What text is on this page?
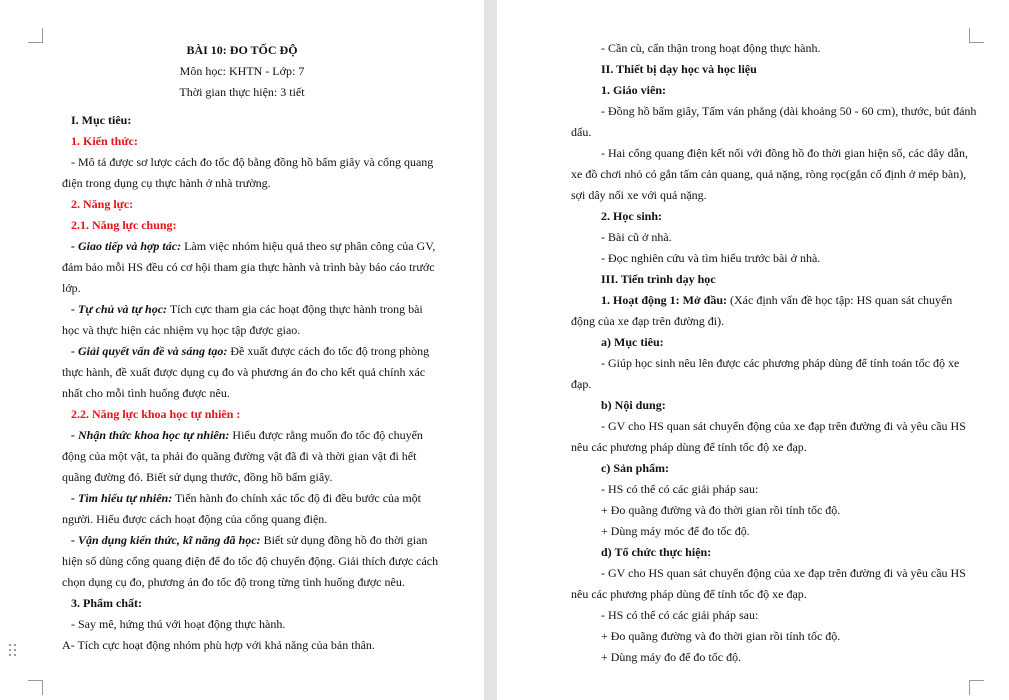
BÀI 10: ĐO TỐC ĐỘ
Môn học: KHTN - Lớp: 7
Thời gian thực hiện: 3 tiết
I. Mục tiêu:
1. Kiến thức:
- Mô tả được sơ lược cách đo tốc độ bằng đồng hồ bấm giây và cổng quang
điện trong dụng cụ thực hành ở nhà trường.
2. Năng lực:
2.1. Năng lực chung:
- Giao tiếp và hợp tác: Làm việc nhóm hiệu quả theo sự phân công của GV,
đảm bảo mỗi HS đều có cơ hội tham gia thực hành và trình bày báo cáo trước
lớp.
- Tự chủ và tự học: Tích cực tham gia các hoạt động thực hành trong bài
học và thực hiện các nhiệm vụ học tập được giao.
- Giải quyết vấn đề và sáng tạo: Đề xuất được cách đo tốc độ trong phòng
thực hành, đề xuất được dụng cụ đo và phương án đo cho kết quả chính xác
nhất cho mỗi tình huống được nêu.
2.2. Năng lực khoa học tự nhiên :
- Nhận thức khoa học tự nhiên: Hiểu được rằng muốn đo tốc độ chuyển
động của một vật, ta phải đo quãng đường vật đã đi và thời gian vật đi hết
quãng đường đó. Biết sử dụng thước, đồng hồ bấm giây.
- Tìm hiểu tự nhiên: Tiến hành đo chính xác tốc độ đi đều bước của một
người. Hiểu được cách hoạt động của cổng quang điện.
- Vận dụng kiến thức, kĩ năng đã học: Biết sử dụng đồng hồ đo thời gian
hiện số dùng cổng quang điện để đo tốc độ chuyển động. Giải thích được cách
chọn dụng cụ đo, phương án đo tốc độ trong từng tình huống được nêu.
3. Phẩm chất:
- Say mê, hứng thú với hoạt động thực hành.
A- Tích cực hoạt động nhóm phù hợp với khả năng của bản thân.
- Cần cù, cẩn thận trong hoạt động thực hành.
II. Thiết bị dạy học và học liệu
1. Giáo viên:
- Đồng hồ bấm giây, Tấm ván phẳng (dài khoảng 50 - 60 cm), thước, bút đánh
dấu.
- Hai cổng quang điện kết nối với đồng hồ đo thời gian hiện số, các dây dẫn,
xe đồ chơi nhỏ có gắn tấm cản quang, quả nặng, ròng rọc(gắn cố định ở mép bàn),
sợi dây nối xe với quả nặng.
2. Học sinh:
- Bài cũ ở nhà.
- Đọc nghiên cứu và tìm hiểu trước bài ở nhà.
III. Tiến trình dạy học
1. Hoạt động 1: Mở đầu: (Xác định vấn đề học tập: HS quan sát chuyển
động của xe đạp trên đường đi).
a) Mục tiêu:
- Giúp học sinh nêu lên được các phương pháp dùng để tính toán tốc độ xe
đạp.
b) Nội dung:
- GV cho HS quan sát chuyển động của xe đạp trên đường đi và yêu cầu HS
nêu các phương pháp dùng để tính tốc độ xe đạp.
c) Sản phẩm:
- HS có thể có các giải pháp sau:
+ Đo quãng đường và đo thời gian rồi tính tốc độ.
+ Dùng máy móc để đo tốc độ.
d) Tổ chức thực hiện:
- GV cho HS quan sát chuyển động của xe đạp trên đường đi và yêu cầu HS
nêu các phương pháp dùng để tính tốc độ xe đạp.
- HS có thể có các giải pháp sau:
+ Đo quãng đường và đo thời gian rồi tính tốc độ.
+ Dùng máy đo để đo tốc độ.
